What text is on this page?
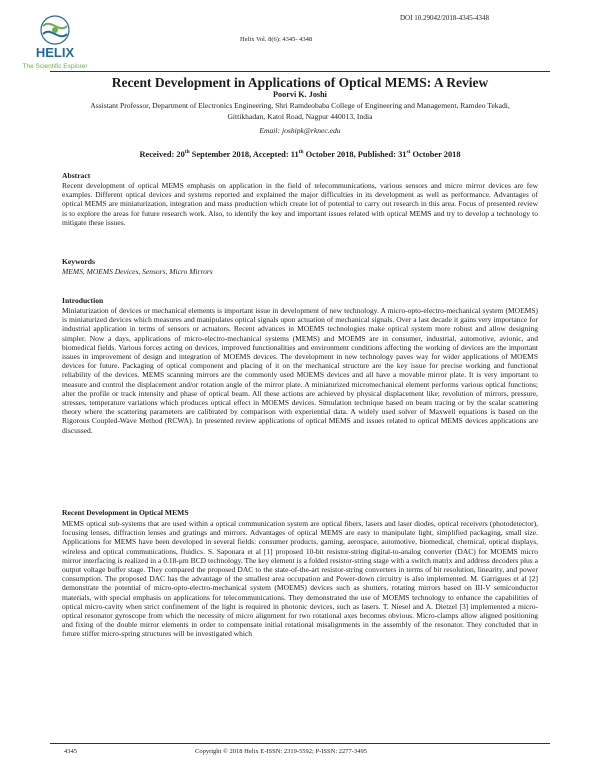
HELIX
The Scientific Explorer
DOI 10.29042/2018-4345-4348
Helix Vol. 8(6): 4345- 4348
Recent Development in Applications of Optical MEMS: A Review
Poorvi K. Joshi
Assistant Professor, Department of Electronics Engineering, Shri Ramdeobaba College of Engineering and Management, Ramdeo Tekadi, Gittikhadan, Katol Road, Nagpur 440013, India
Email: joshipk@rknec.edu
Received: 20th September 2018, Accepted: 11th October 2018, Published: 31st October 2018
Abstract
Recent development of optical MEMS emphasis on application in the field of telecommunications, various sensors and micro mirror devices are few examples. Different optical devices and systems reported and explained the major difficulties in its development as well as performance. Advantages of optical MEMS are miniaturization, integration and mass production which create lot of potential to carry out research in this area. Focus of presented review is to explore the areas for future research work. Also, to identify the key and important issues related with optical MEMS and try to develop a technology to mitigate these issues.
Keywords
MEMS, MOEMS Devices, Sensors, Micro Mirrors
Introduction
Miniaturization of devices or mechanical elements is important issue in development of new technology. A micro-opto-electro-mechanical system (MOEMS) is miniaturized devices which measures and manipulates optical signals upon actuation of mechanical signals. Over a last decade it gains very importance for industrial application in terms of sensors or actuators. Recent advances in MOEMS technologies make optical system more robust and allow designing simpler. Now a days, applications of micro-electro-mechanical systems (MEMS) and MOEMS are in consumer, industrial, automotive, avionic, and biomedical fields. Various forces acting on devices, improved functionalities and environment conditions affecting the working of devices are the important issues in improvement of design and integration of MOEMS devices. The development in new technology paves way for wider applications of MOEMS devices for future. Packaging of optical component and placing of it on the mechanical structure are the key issue for precise working and functional reliability of the devices. MEMS scanning mirrors are the commonly used MOEMS devices and all have a movable mirror plate. It is very important to measure and control the displacement and/or rotation angle of the mirror plate. A miniaturized micromechanical element performs various optical functions; alter the profile or track intensity and phase of optical beam. All these actions are achieved by physical displacement like; revolution of mirrors, pressure, stresses, temperature variations which produces optical effect in MOEMS devices. Simulation technique based on beam tracing or by the scalar scattering theory where the scattering parameters are calibrated by comparison with experiential data. A widely used solver of Maxwell equations is based on the Rigorous Coupled-Wave Method (RCWA). In presented review applications of optical MEMS and issues related to optical MEMS devices applications are discussed.
Recent Development in Optical MEMS
MEMS optical sub-systems that are used within a optical communication system are optical fibers, lasers and laser diodes, optical receivers (photodetector), focusing lenses, diffraction lenses and gratings and mirrors. Advantages of optical MEMS are easy to manipulate light, simplified packaging, small size. Applications for MEMS have been developed in several fields: consumer products, gaming, aerospace, automotive, biomedical, chemical, optical displays, wireless and optical communications, fluidics. S. Saponara et al [1] proposed 10-bit resistor-string digital-to-analog converter (DAC) for MOEMS micro mirror interfacing is realized in a 0.18-μm BCD technology. The key element is a folded resistor-string stage with a switch matrix and address decoders plus a output voltage buffer stage. They compared the proposed DAC to the state-of-the-art resistor-string converters in terms of bit resolution, linearity, and power consumption. The proposed DAC has the advantage of the smallest area occupation and Power-down circuitry is also implemented. M. Garrigues et al [2] demonstrate the potential of micro-opto-electro-mechanical system (MOEMS) devices such as shutters, rotating mirrors based on III-V semiconductor materials, with special emphasis on applications for telecommunications. They demonstrated the use of MOEMS technology to enhance the capabilities of optical micro-cavity when strict confinement of the light is required in photonic devices, such as lasers. T. Niesel and A. Dietzel [3] implemented a micro-optical resonator gyroscope from which the necessity of micro alignment for two rotational axes becomes obvious. Micro-clamps allow aligned positioning and fixing of the double mirror elements in order to compensate initial rotational misalignments in the assembly of the resonator. They concluded that in future stiffer micro-spring structures will be investigated which
4345	Copyright © 2018 Helix E-ISSN: 2319-5592; P-ISSN: 2277-3495
